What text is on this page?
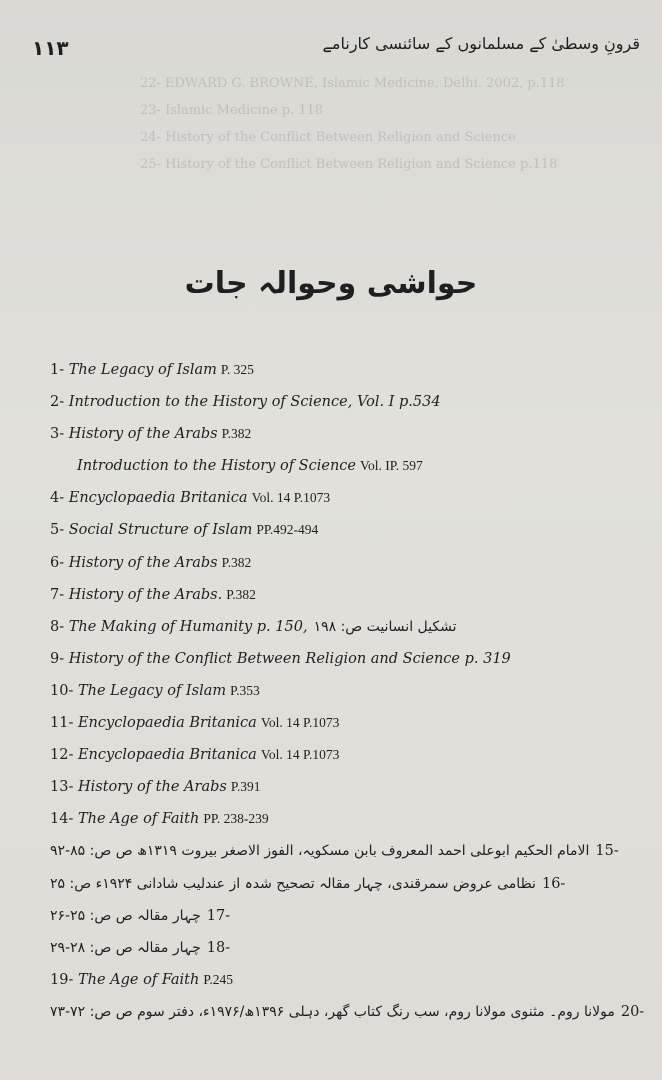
۱۱۳	قرونِ وسطیٰ کے مسلمانوں کے سائنسی کارنامے
22- EDWARD G. BROWNE, Islamic Medicine, Delhi. 2002, p.118
23- Islamic Medicine p. 118
24- History of the Conflict Between Religion and Science
25- History of the Conflict Between Religion and Science p.118
حواشی وحوالہ جات
1- The Legacy of Islam P. 325
2- Introduction to the History of Science, Vol. I p.534
3- History of the Arabs P.382
Introduction to the History of Science Vol. IP. 597
4- Encyclopaedia Britanica Vol. 14 P.1073
5- Social Structure of Islam PP.492-494
6- History of the Arabs P.382
7- History of the Arabs. P.382
8- The Making of Humanity p. 150, تشکیل انسانیت ص: ۱۹۸
9- History of the Conflict Between Religion and Science p. 319
10- The Legacy of Islam P.353
11- Encyclopaedia Britanica Vol. 14 P.1073
12- Encyclopaedia Britanica Vol. 14 P.1073
13- History of the Arabs P.391
14- The Age of Faith PP. 238-239
15-
الامام الحکیم ابوعلی احمد المعروف بابن مسکویہ، الفوز الاصغر بیروت ۱۳۱۹ھ ص ص: ۸۵-۹۲
16-
نظامی عروض سمرقندی، چہار مقالہ تصحیح شدہ از عندلیب شادانی ۱۹۲۴ء ص: ۲۵
17-
چہار مقالہ ص ص: ۲۵-۲۶
18-
چہار مقالہ ص ص: ۲۸-۲۹
19- The Age of Faith P.245
20-
مولانا روم۔ مثنوی مولانا روم، سب رنگ کتاب گھر، دہلی ۱۳۹۶ھ/۱۹۷۶ء، دفتر سوم ص ص: ۷۲-۷۳
